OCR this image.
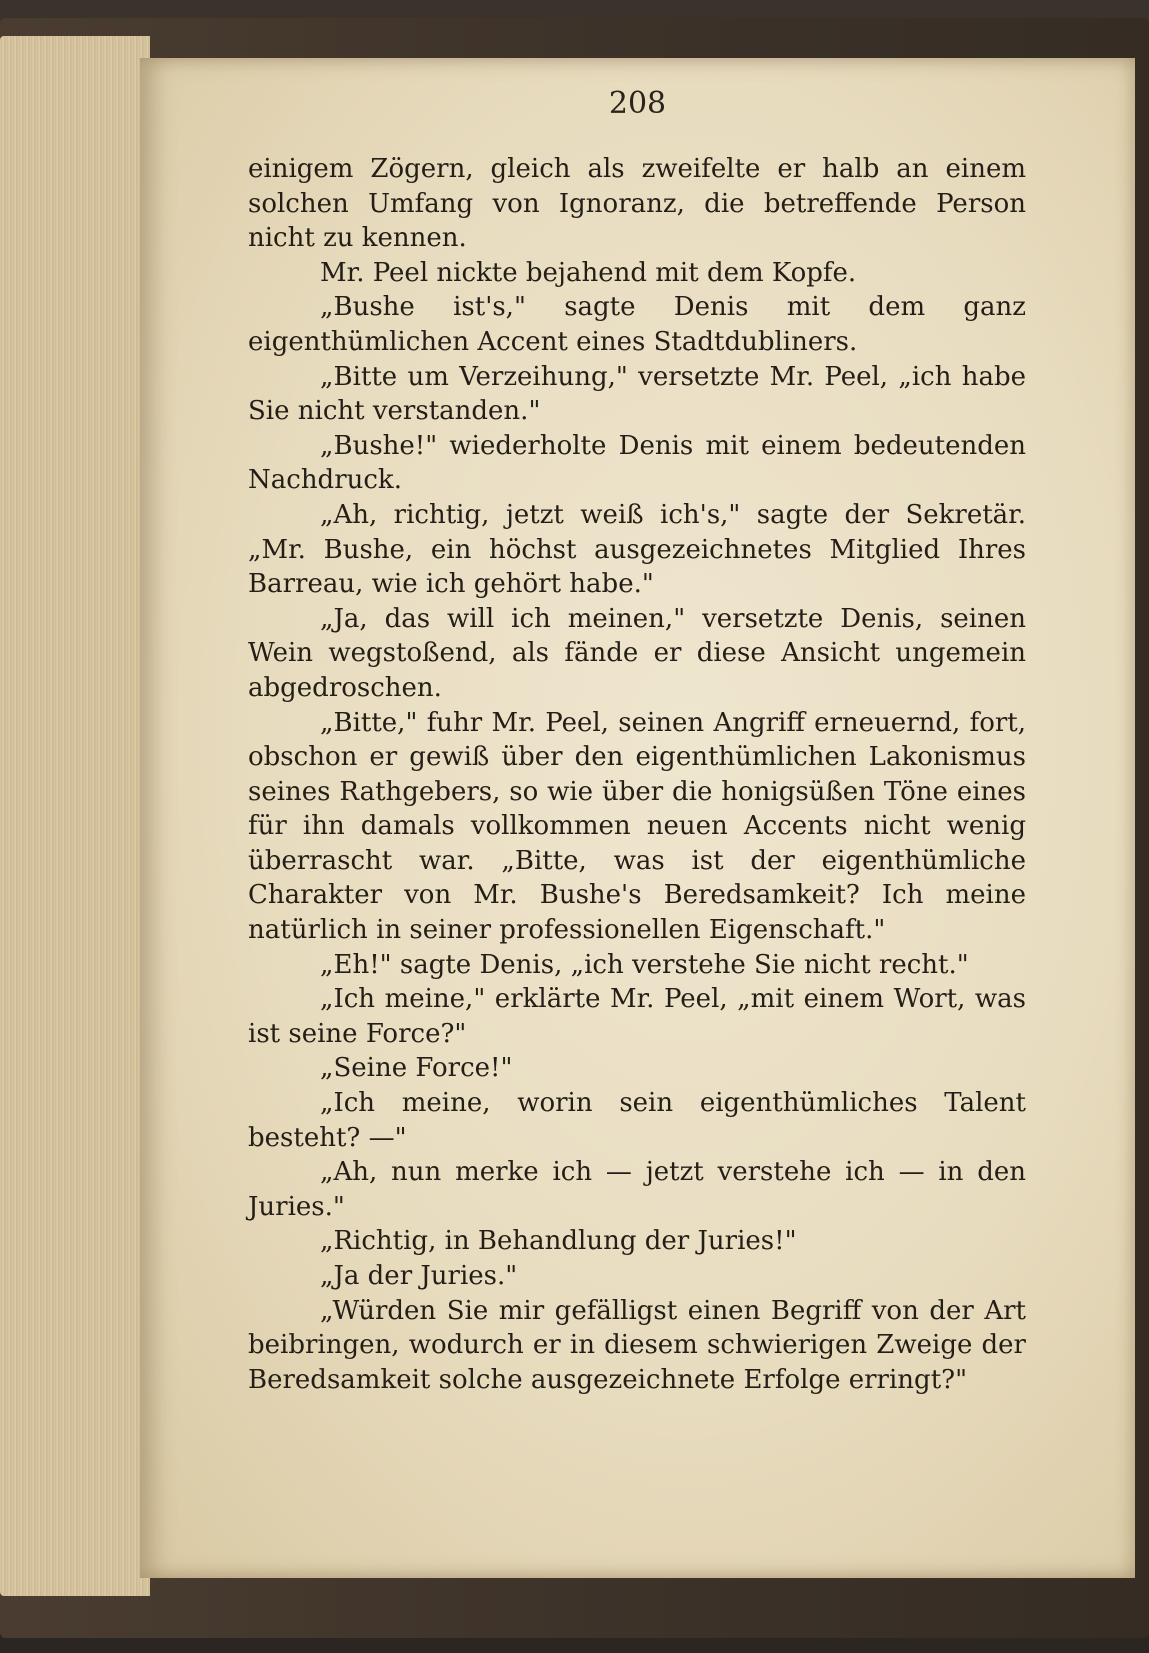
208

einigem Zögern, gleich als zweifelte er halb an einem solchen Umfang von Ignoranz, die betreffende Person nicht zu kennen.

Mr. Peel nickte bejahend mit dem Kopfe.

„Bushe ist's," sagte Denis mit dem ganz eigenthümlichen Accent eines Stadtdubliners.

„Bitte um Verzeihung," versetzte Mr. Peel, „ich habe Sie nicht verstanden."

„Bushe!" wiederholte Denis mit einem bedeutenden Nachdruck.

„Ah, richtig, jetzt weiß ich's," sagte der Sekretär. „Mr. Bushe, ein höchst ausgezeichnetes Mitglied Ihres Barreau, wie ich gehört habe."

„Ja, das will ich meinen," versetzte Denis, seinen Wein wegstoßend, als fände er diese Ansicht ungemein abgedroschen.

„Bitte," fuhr Mr. Peel, seinen Angriff erneuernd, fort, obschon er gewiß über den eigenthümlichen Lakonismus seines Rathgebers, so wie über die honigsüßen Töne eines für ihn damals vollkommen neuen Accents nicht wenig überrascht war. „Bitte, was ist der eigenthümliche Charakter von Mr. Bushe's Beredsamkeit? Ich meine natürlich in seiner professionellen Eigenschaft."

„Eh!" sagte Denis, „ich verstehe Sie nicht recht."

„Ich meine," erklärte Mr. Peel, „mit einem Wort, was ist seine Force?"

„Seine Force!"

„Ich meine, worin sein eigenthümliches Talent besteht? —"

„Ah, nun merke ich — jetzt verstehe ich — in den Juries."

„Richtig, in Behandlung der Juries!"

„Ja der Juries."

„Würden Sie mir gefälligst einen Begriff von der Art beibringen, wodurch er in diesem schwierigen Zweige der Beredsamkeit solche ausgezeichnete Erfolge erringt?"
